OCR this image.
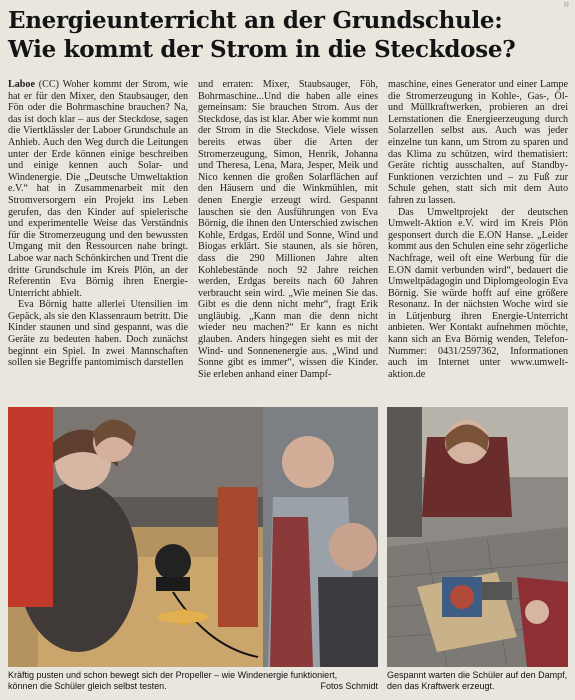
R
Energieunterricht an der Grundschule:
Wie kommt der Strom in die Steckdose?

Laboe (CC) Woher kommt der Strom, wie hat er für den Mixer, den Staubsauger, den Fön oder die Bohrmaschine brauchen? Na, das ist doch klar – aus der Steckdose, sagen die Viertklässler der Laboer Grundschule an Anhieb. Auch den Weg durch die Leitungen unter der Erde können einige beschreiben und einige kennen auch Solar- und Windenergie. Die „Deutsche Umweltaktion e.V.“ hat in Zusammenarbeit mit den Stromversorgern ein Projekt ins Leben gerufen, das den Kinder auf spielerische und experimentelle Weise das Verständnis für die Stromerzeugung und den bewussten Umgang mit den Ressourcen nahe bringt. Laboe war nach Schönkirchen und Trent die dritte Grundschule im Kreis Plön, an der Referentin Eva Börnig ihren Energie-Unterricht abhielt.

Eva Börnig hatte allerlei Utensilien im Gepäck, als sie den Klassenraum betritt. Die Kinder staunen und sind gespannt, was die Geräte zu bedeuten haben. Doch zunächst beginnt ein Spiel. In zwei Mannschaften sollen sie Begriffe pantomimisch darstellen

und erraten: Mixer, Staubsauger, Föh, Bohrmaschine...Und die haben alle eines gemeinsam: Sie brauchen Strom. Aus der Steckdose, das ist klar. Aber wie kommt nun der Strom in die Steckdose. Viele wissen bereits etwas über die Arten der Stromerzeugung, Simon, Henrik, Johanna und Theresa, Lena, Mara, Jesper, Meik und Nico kennen die großen Solarflächen auf den Häusern und die Winkmühlen, mit denen Energie erzeugt wird. Gespannt lauschen sie den Ausführungen von Eva Börnig, die ihnen den Unterschied zwischen Kohle, Erdgas, Erdöl und Sonne, Wind und Biogas erklärt. Sie staunen, als sie hören, dass die 290 Millionen Jahre alten Kohlebestände noch 92 Jahre reichen werden, Erdgas bereits nach 60 Jahren verbraucht sein wird. „Wie meinen Sie das. Gibt es die denn nicht mehr“, fragt Erik ungläubig. „Kann man die denn nicht wieder neu machen?“ Er kann es nicht glauben. Anders hingegen sieht es mit der Wind- und Sonnenenergie aus. „Wind und Sonne gibt es immer“, wissen die Kinder. Sie erleben anhand einer Dampf-

maschine, eines Generator und einer Lampe die Stromerzeugung in Kohle-, Gas-, Öl- und Müllkraftwerken, probieren an drei Lernstationen die Energieerzeugung durch Solarzellen selbst aus. Auch was jeder einzelne tun kann, um Strom zu sparen und das Klima zu schützen, wird thematisiert: Geräte richtig ausschalten, auf Standby-Funktionen verzichten und – zu Fuß zur Schule gehen, statt sich mit dem Auto fahren zu lassen.

Das Umweltprojekt der deutschen Umwelt-Aktion e.V. wird im Kreis Plön gesponsert durch die E.ON Hanse. „Leider kommt aus den Schulen eine sehr zögerliche Nachfrage, weil oft eine Werbung für die E.ON damit verbunden wird“, bedauert die Umweltpädagogin und Diplomgeologin Eva Börnig. Sie würde hofft auf eine größere Resonanz. In der nächsten Woche wird sie in Lütjenburg ihren Energie-Unterricht anbieten. Wer Kontakt aufnehmen möchte, kann sich an Eva Börnig wenden, Telefon-Nummer: 0431/2597362, Informationen auch im Internet unter www.umwelt-aktion.de

Kräftig pusten und schon bewegt sich der Propeller – wie Windenergie funktioniert,
können die Schüler gleich selbst testen.	Fotos Schmidt
Gespannt warten die Schüler auf den Dampf, den das Kraftwerk erzeugt.
